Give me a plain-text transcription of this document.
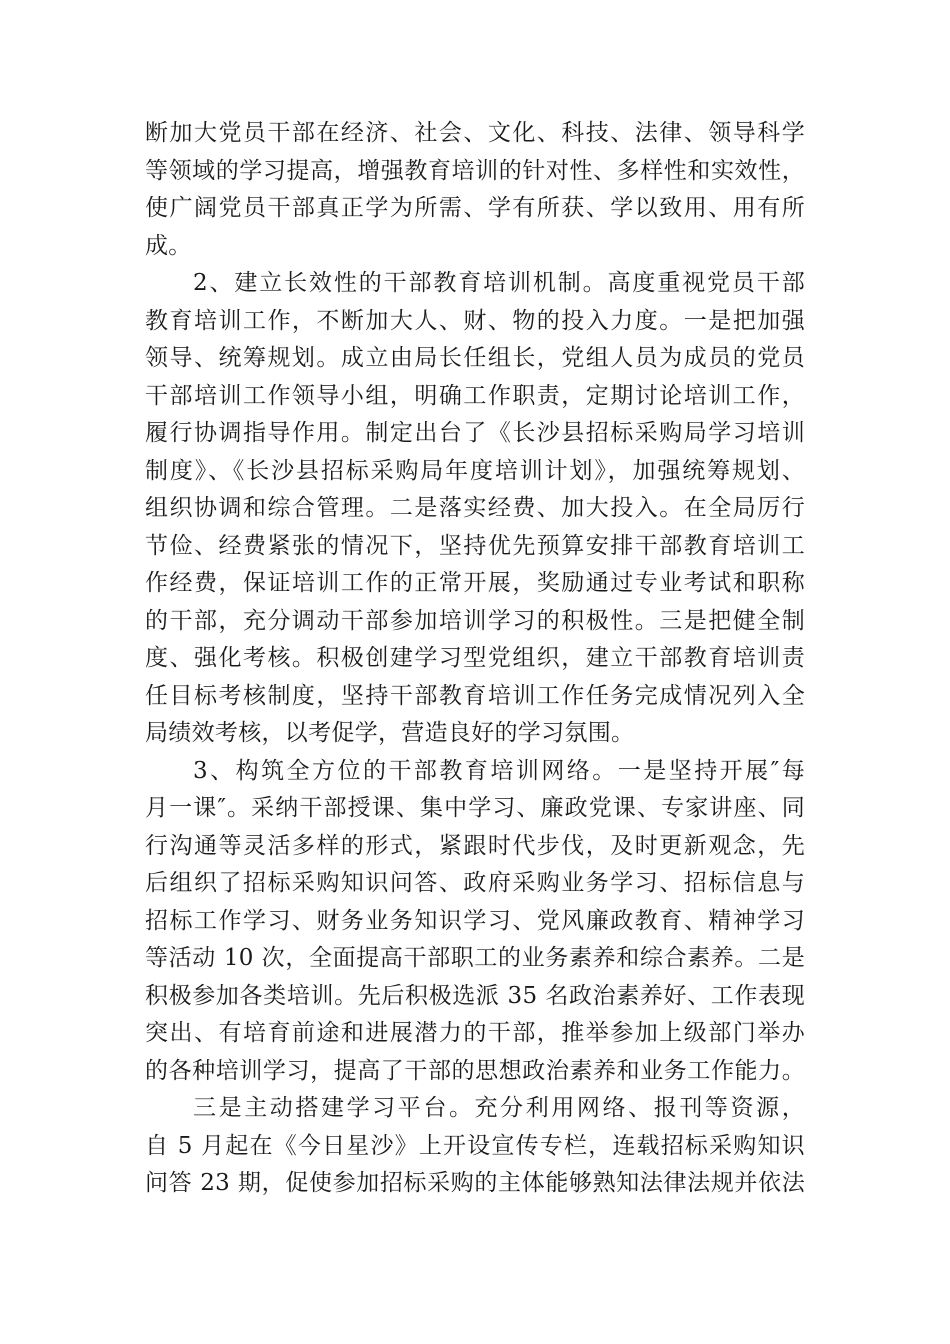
断加大党员干部在经济、社会、文化、科技、法律、领导科学
等领域的学习提高，增强教育培训的针对性、多样性和实效性，
使广阔党员干部真正学为所需、学有所获、学以致用、用有所
成。
2、建立长效性的干部教育培训机制。高度重视党员干部
教育培训工作，不断加大人、财、物的投入力度。一是把加强
领导、统筹规划。成立由局长任组长，党组人员为成员的党员
干部培训工作领导小组，明确工作职责，定期讨论培训工作，
履行协调指导作用。制定出台了《长沙县招标采购局学习培训
制度》、《长沙县招标采购局年度培训计划》，加强统筹规划、
组织协调和综合管理。二是落实经费、加大投入。在全局厉行
节俭、经费紧张的情况下，坚持优先预算安排干部教育培训工
作经费，保证培训工作的正常开展，奖励通过专业考试和职称
的干部，充分调动干部参加培训学习的积极性。三是把健全制
度、强化考核。积极创建学习型党组织，建立干部教育培训责
任目标考核制度，坚持干部教育培训工作任务完成情况列入全
局绩效考核，以考促学，营造良好的学习氛围。
3、构筑全方位的干部教育培训网络。一是坚持开展″每
月一课″。采纳干部授课、集中学习、廉政党课、专家讲座、同
行沟通等灵活多样的形式，紧跟时代步伐，及时更新观念，先
后组织了招标采购知识问答、政府采购业务学习、招标信息与
招标工作学习、财务业务知识学习、党风廉政教育、精神学习
等活动 10 次，全面提高干部职工的业务素养和综合素养。二是
积极参加各类培训。先后积极选派 35 名政治素养好、工作表现
突出、有培育前途和进展潜力的干部，推举参加上级部门举办
的各种培训学习，提高了干部的思想政治素养和业务工作能力。
三是主动搭建学习平台。充分利用网络、报刊等资源，
自 5 月起在《今日星沙》上开设宣传专栏，连载招标采购知识
问答 23 期，促使参加招标采购的主体能够熟知法律法规并依法
